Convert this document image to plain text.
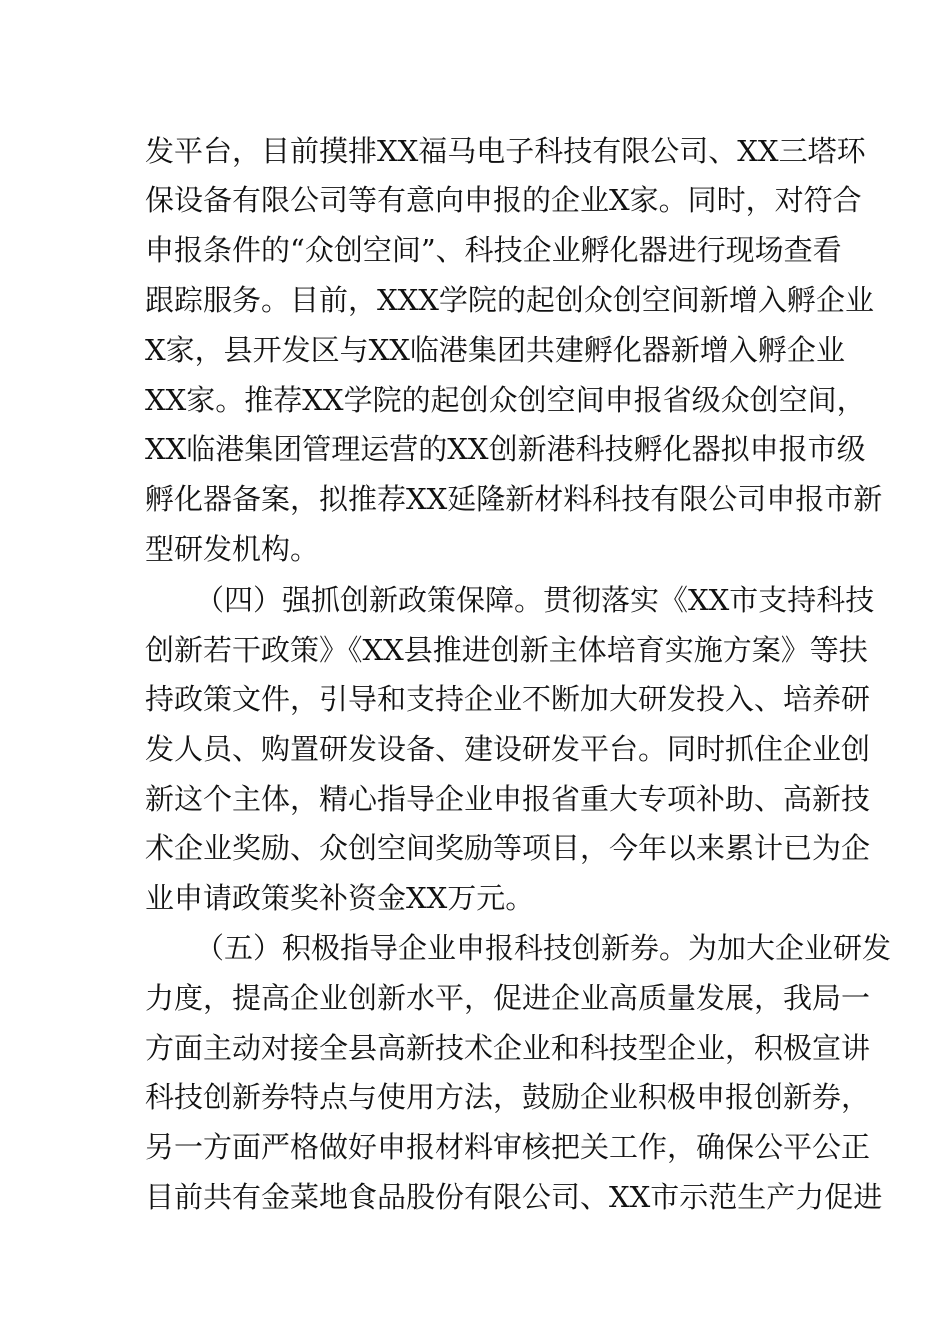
发平台，目前摸排XX福马电子科技有限公司、XX三塔环
保设备有限公司等有意向申报的企业X家。同时，对符合
申报条件的“众创空间”、科技企业孵化器进行现场查看
跟踪服务。目前，XXX学院的起创众创空间新增入孵企业
X家，县开发区与XX临港集团共建孵化器新增入孵企业
XX家。推荐XX学院的起创众创空间申报省级众创空间，
XX临港集团管理运营的XX创新港科技孵化器拟申报市级
孵化器备案，拟推荐XX延隆新材料科技有限公司申报市新
型研发机构。
（四）强抓创新政策保障。贯彻落实《XX市支持科技
创新若干政策》《XX县推进创新主体培育实施方案》等扶
持政策文件，引导和支持企业不断加大研发投入、培养研
发人员、购置研发设备、建设研发平台。同时抓住企业创
新这个主体，精心指导企业申报省重大专项补助、高新技
术企业奖励、众创空间奖励等项目，今年以来累计已为企
业申请政策奖补资金XX万元。
（五）积极指导企业申报科技创新券。为加大企业研发
力度，提高企业创新水平，促进企业高质量发展，我局一
方面主动对接全县高新技术企业和科技型企业，积极宣讲
科技创新券特点与使用方法，鼓励企业积极申报创新券，
另一方面严格做好申报材料审核把关工作，确保公平公正
目前共有金菜地食品股份有限公司、XX市示范生产力促进
